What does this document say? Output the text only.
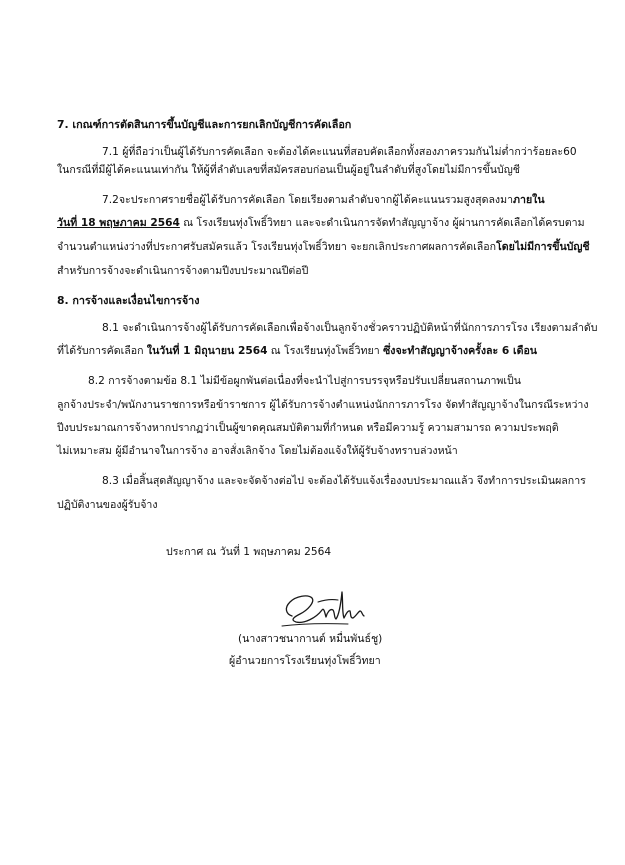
7. เกณฑ์การตัดสินการขึ้นบัญชีและการยกเลิกบัญชีการคัดเลือก
7.1 ผู้ที่ถือว่าเป็นผู้ได้รับการคัดเลือก จะต้องได้คะแนนที่สอบคัดเลือกทั้งสองภาครวมกันไม่ต่ำกว่าร้อยละ60
ในกรณีที่มีผู้ได้คะแนนเท่ากัน ให้ผู้ที่ลำดับเลขที่สมัครสอบก่อนเป็นผู้อยู่ในลำดับที่สูงโดยไม่มีการขึ้นบัญชี
7.2จะประกาศรายชื่อผู้ได้รับการคัดเลือก โดยเรียงตามลำดับจากผู้ได้คะแนนรวมสูงสุดลงมาภายใน
วันที่ 18 พฤษภาคม 2564 ณ โรงเรียนทุ่งโพธิ์วิทยา และจะดำเนินการจัดทำสัญญาจ้าง ผู้ผ่านการคัดเลือกได้ครบตาม
จำนวนตำแหน่งว่างที่ประกาศรับสมัครแล้ว โรงเรียนทุ่งโพธิ์วิทยา จะยกเลิกประกาศผลการคัดเลือกโดยไม่มีการขึ้นบัญชี
สำหรับการจ้างจะดำเนินการจ้างตามปีงบประมาณปีต่อปี
8. การจ้างและเงื่อนไขการจ้าง
8.1 จะดำเนินการจ้างผู้ได้รับการคัดเลือกเพื่อจ้างเป็นลูกจ้างชั่วคราวปฏิบัติหน้าที่นักการภารโรง เรียงตามลำดับ
ที่ได้รับการคัดเลือก ในวันที่ 1 มิถุนายน 2564 ณ โรงเรียนทุ่งโพธิ์วิทยา ซึ่งจะทำสัญญาจ้างครั้งละ 6 เดือน
8.2 การจ้างตามข้อ 8.1 ไม่มีข้อผูกพันต่อเนื่องที่จะนำไปสู่การบรรจุหรือปรับเปลี่ยนสถานภาพเป็น
ลูกจ้างประจำ/พนักงานราชการหรือข้าราชการ ผู้ได้รับการจ้างตำแหน่งนักการภารโรง จัดทำสัญญาจ้างในกรณีระหว่าง
ปีงบประมาณการจ้างหากปรากฏว่าเป็นผู้ขาดคุณสมบัติตามที่กำหนด หรือมีความรู้ ความสามารถ ความประพฤติ
ไม่เหมาะสม ผู้มีอำนาจในการจ้าง อาจสั่งเลิกจ้าง โดยไม่ต้องแจ้งให้ผู้รับจ้างทราบล่วงหน้า
8.3 เมื่อสิ้นสุดสัญญาจ้าง และจะจัดจ้างต่อไป จะต้องได้รับแจ้งเรื่องงบประมาณแล้ว จึงทำการประเมินผลการ
ปฏิบัติงานของผู้รับจ้าง
ประกาศ ณ วันที่ 1 พฤษภาคม 2564
(นางสาวชนากานต์ หมื่นพันธ์ชู)
ผู้อำนวยการโรงเรียนทุ่งโพธิ์วิทยา
